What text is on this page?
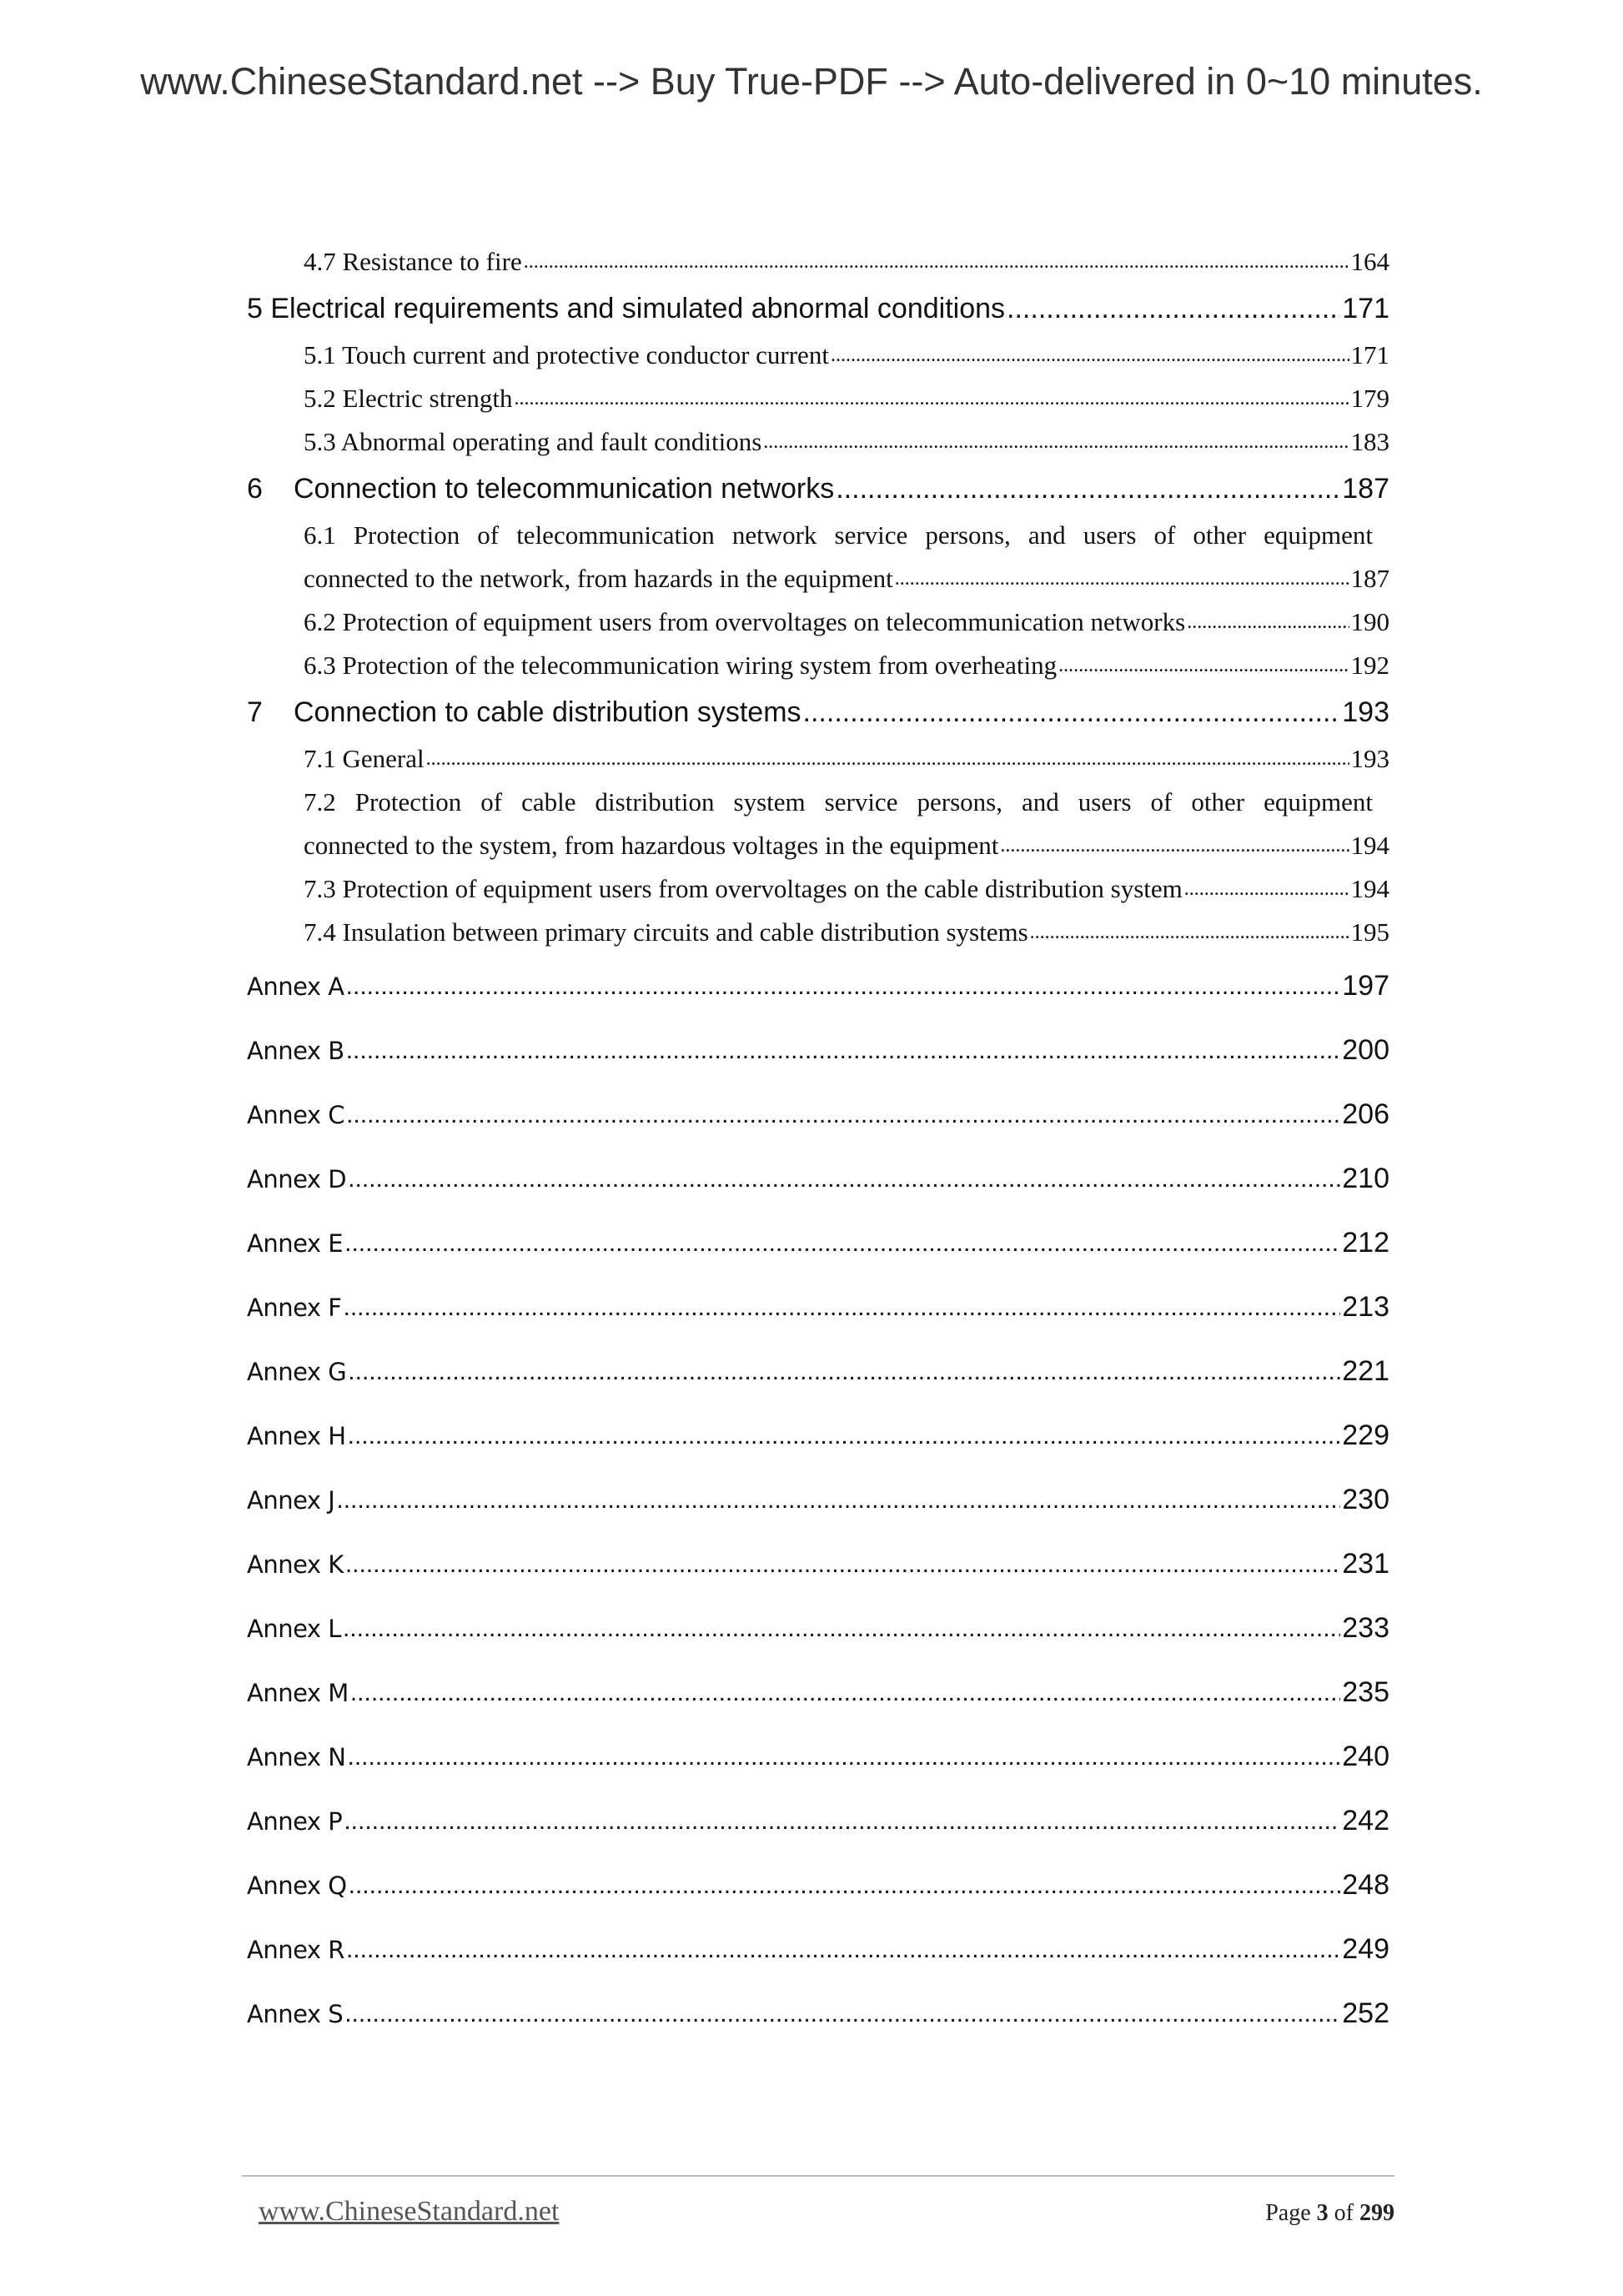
www.ChineseStandard.net --> Buy True-PDF --> Auto-delivered in 0~10 minutes.
4.7 Resistance to fire .....	164
5 Electrical requirements and simulated abnormal conditions .....	171
5.1 Touch current and protective conductor current .....	171
5.2 Electric strength .....	179
5.3 Abnormal operating and fault conditions .....	183
6 Connection to telecommunication networks .....	187
6.1 Protection of telecommunication network service persons, and users of other equipment
connected to the network, from hazards in the equipment .....	187
6.2 Protection of equipment users from overvoltages on telecommunication networks .....	190
6.3 Protection of the telecommunication wiring system from overheating .....	192
7 Connection to cable distribution systems .....	193
7.1 General .....	193
7.2 Protection of cable distribution system service persons, and users of other equipment
connected to the system, from hazardous voltages in the equipment .....	194
7.3 Protection of equipment users from overvoltages on the cable distribution system .....	194
7.4 Insulation between primary circuits and cable distribution systems .....	195
Annex A .....	197
Annex B .....	200
Annex C .....	206
Annex D .....	210
Annex E .....	212
Annex F .....	213
Annex G .....	221
Annex H .....	229
Annex J .....	230
Annex K .....	231
Annex L .....	233
Annex M .....	235
Annex N .....	240
Annex P .....	242
Annex Q .....	248
Annex R .....	249
Annex S .....	252
www.ChineseStandard.net	Page 3 of 299
